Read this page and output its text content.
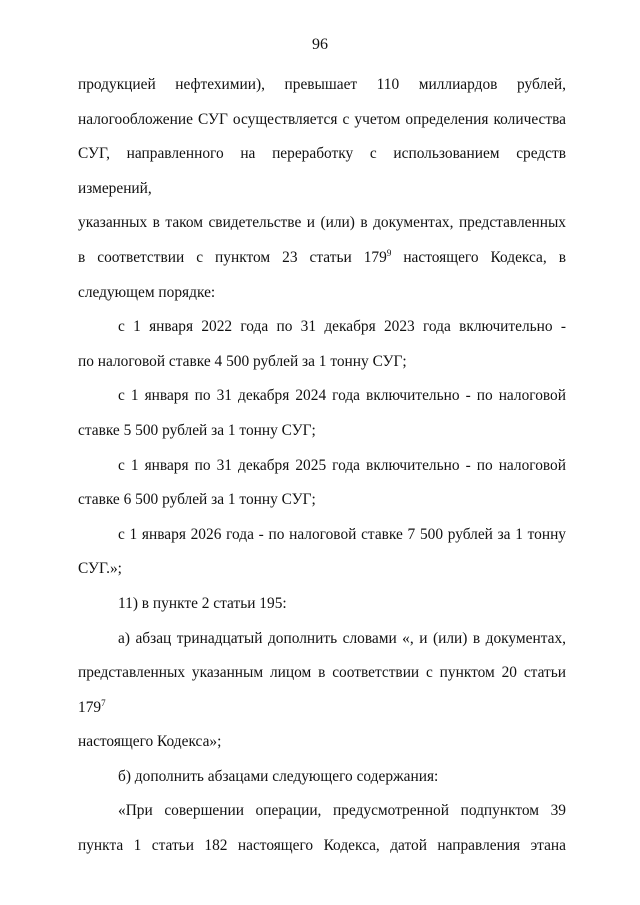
96

продукцией нефтехимии), превышает 110 миллиардов рублей,

налогообложение СУГ осуществляется с учетом определения количества

СУГ, направленного на переработку с использованием средств измерений,

указанных в таком свидетельстве и (или) в документах, представленных

в соответствии с пунктом 23 статьи $179^9$ настоящего Кодекса, в

следующем порядке:

с 1 января 2022 года по 31 декабря 2023 года включительно -

по налоговой ставке 4 500 рублей за 1 тонну СУГ;

с 1 января по 31 декабря 2024 года включительно - по налоговой

ставке 5 500 рублей за 1 тонну СУГ;

с 1 января по 31 декабря 2025 года включительно - по налоговой

ставке 6 500 рублей за 1 тонну СУГ;

с 1 января 2026 года - по налоговой ставке 7 500 рублей за 1 тонну

СУГ.»;

11) в пункте 2 статьи 195:

а) абзац тринадцатый дополнить словами «, и (или) в документах,

представленных указанным лицом в соответствии с пунктом 20 статьи $179^7$

настоящего Кодекса»;

б) дополнить абзацами следующего содержания:

«При совершении операции, предусмотренной подпунктом 39

пункта 1 статьи 182 настоящего Кодекса, датой направления этана
